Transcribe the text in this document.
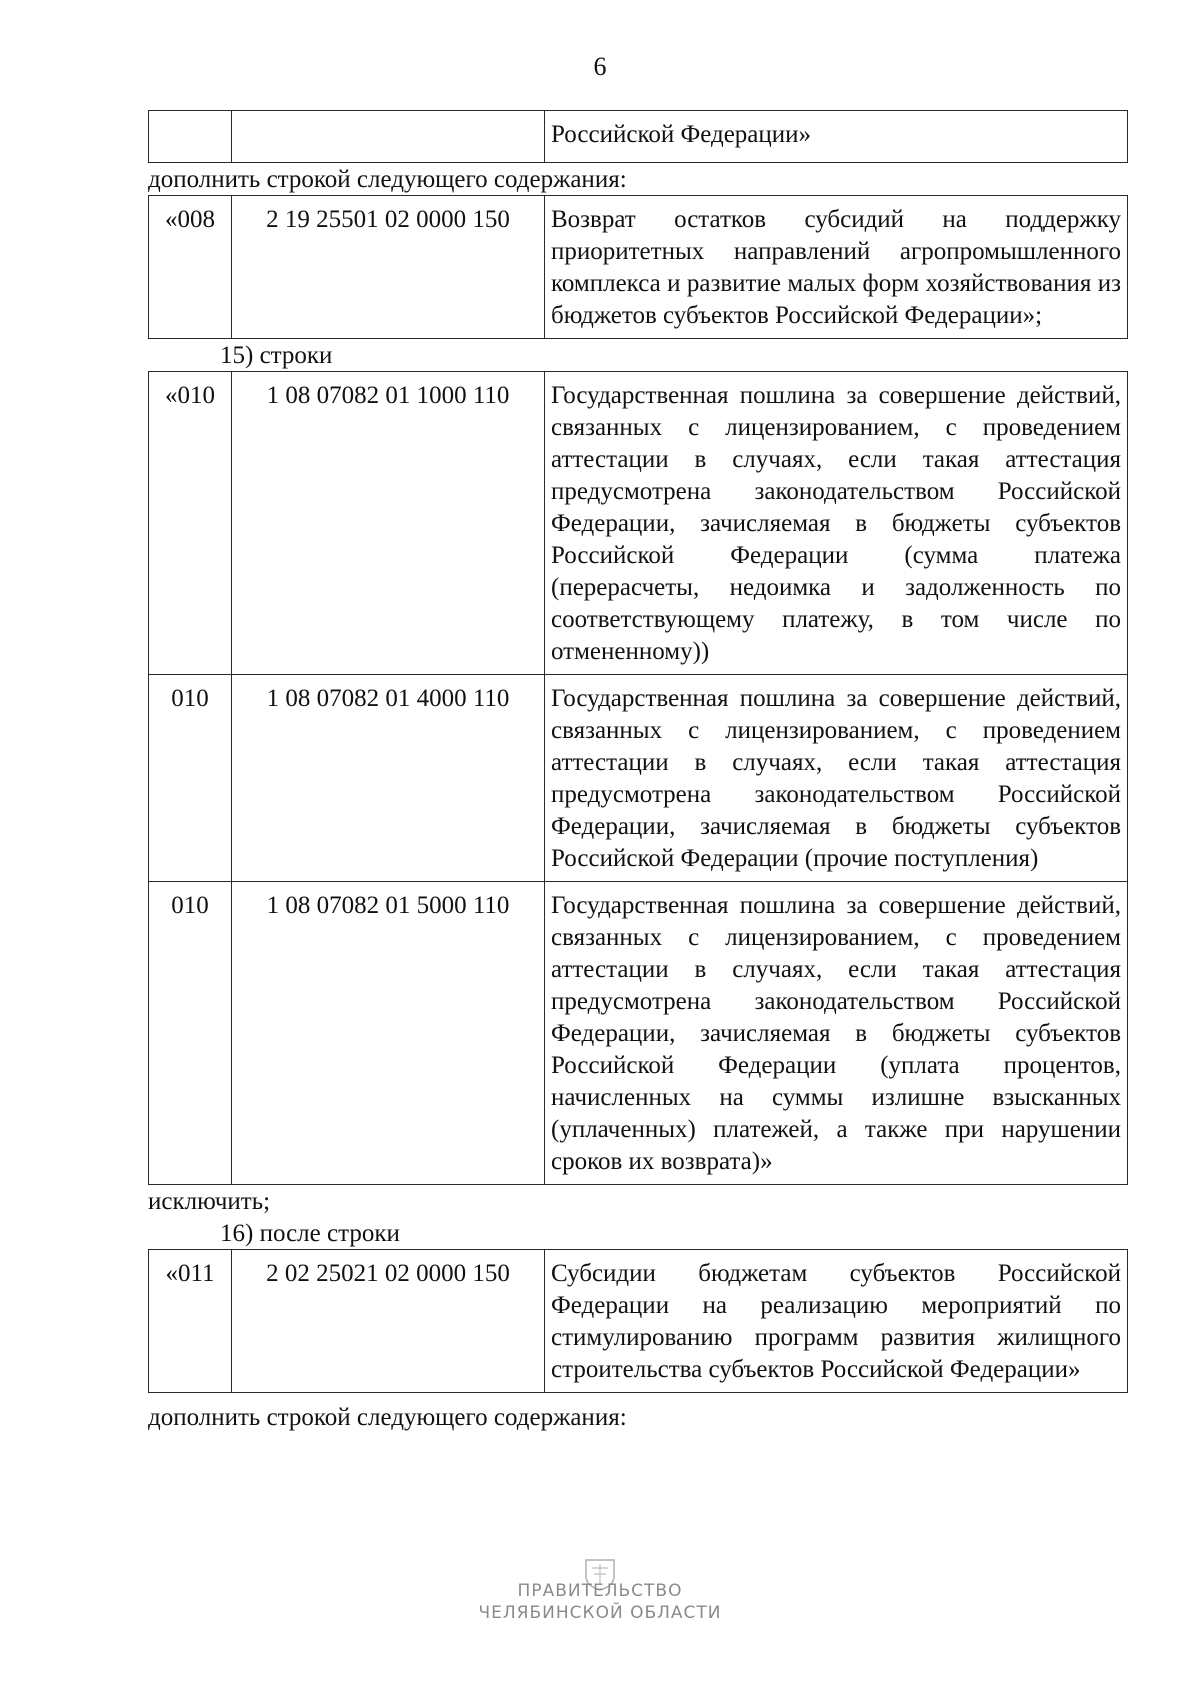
6
		Российской Федерации»

дополнить строкой следующего содержания:

«008	2 19 25501 02 0000 150	Возврат остатков субсидий на поддержку приоритетных направлений агропромышленного комплекса и развитие малых форм хозяйствования из бюджетов субъектов Российской Федерации»;

15) строки

«010	1 08 07082 01 1000 110	Государственная пошлина за совершение действий, связанных с лицензированием, с проведением аттестации в случаях, если такая аттестация предусмотрена законодательством Российской Федерации, зачисляемая в бюджеты субъектов Российской Федерации (сумма платежа (перерасчеты, недоимка и задолженность по соответствующему платежу, в том числе по отмененному))
010	1 08 07082 01 4000 110	Государственная пошлина за совершение действий, связанных с лицензированием, с проведением аттестации в случаях, если такая аттестация предусмотрена законодательством Российской Федерации, зачисляемая в бюджеты субъектов Российской Федерации (прочие поступления)
010	1 08 07082 01 5000 110	Государственная пошлина за совершение действий, связанных с лицензированием, с проведением аттестации в случаях, если такая аттестация предусмотрена законодательством Российской Федерации, зачисляемая в бюджеты субъектов Российской Федерации (уплата процентов, начисленных на суммы излишне взысканных (уплаченных) платежей, а также при нарушении сроков их возврата)»

исключить;

16) после строки

«011	2 02 25021 02 0000 150	Субсидии бюджетам субъектов Российской Федерации на реализацию мероприятий по стимулированию программ развития жилищного строительства субъектов Российской Федерации»

дополнить строкой следующего содержания:

ПРАВИТЕЛЬСТВО
ЧЕЛЯБИНСКОЙ ОБЛАСТИ
